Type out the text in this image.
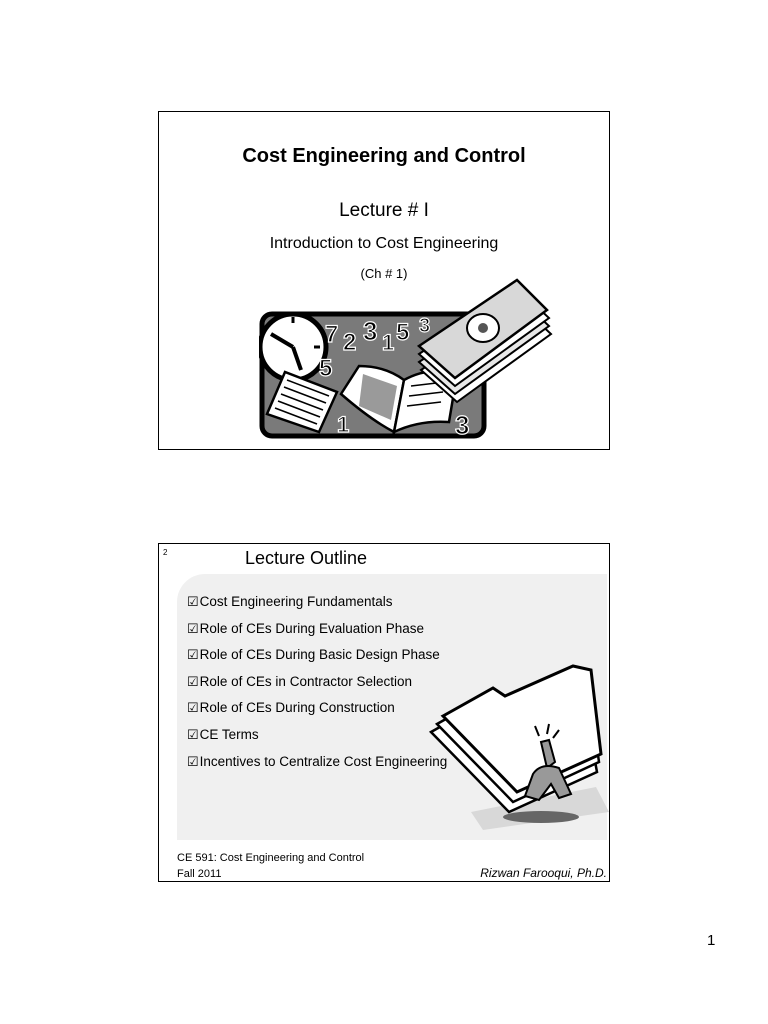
Cost Engineering and Control
Lecture # I
Introduction to Cost Engineering
(Ch # 1)
7 2 3 1 5 3
5
1	3
2	Lecture Outline
☑Cost Engineering Fundamentals
☑Role of CEs During Evaluation Phase
☑Role of CEs During Basic Design Phase
☑Role of CEs in Contractor Selection
☑Role of CEs During Construction
☑CE Terms
☑Incentives to Centralize Cost Engineering
CE 591: Cost Engineering and Control
Fall 2011	Rizwan Farooqui, Ph.D.
1
